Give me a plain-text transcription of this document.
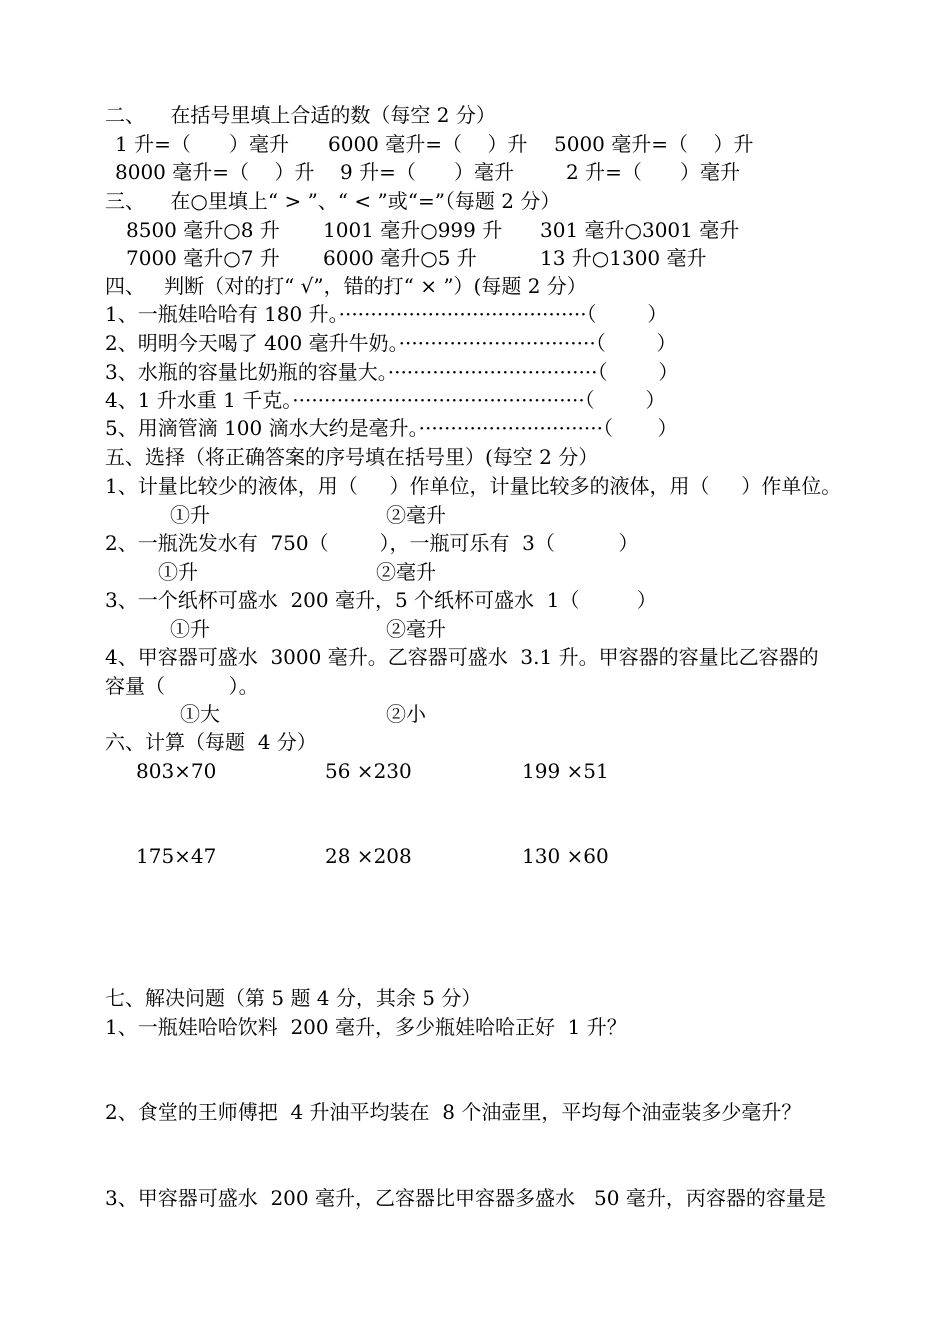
二、    在括号里填上合适的数（每空 2 分）
1 升=（      ）毫升 6000 毫升=（    ）升 5000 毫升=（    ）升
8000 毫升=（    ）升 9 升=（      ）毫升	2 升=（      ）毫升
三、    在○里填上“ > ”、“ < ”或“=”（每题 2 分）
8500 毫升○8 升 1001 毫升○999 升 301 毫升○3001 毫升
7000 毫升○7 升 6000 毫升○5 升	13 升○1300 毫升
四、   判断（对的打“ √”，错的打“ × ”）(每题 2 分）
1、一瓶娃哈哈有 180 升。·······································（        ）
2、明明今天喝了 400 毫升牛奶。·······························（        ）
3、水瓶的容量比奶瓶的容量大。·································（        ）
4、1 升水重 1 千克。··············································（        ）
5、用滴管滴 100 滴水大约是毫升。·····························（       ）
五、选择（将正确答案的序号填在括号里）(每空 2 分）
1、计量比较少的液体，用（     ）作单位，计量比较多的液体，用（     ）作单位。
①升	②毫升
2、一瓶洗发水有  750（        ），一瓶可乐有  3（          ）
①升	②毫升
3、一个纸杯可盛水  200 毫升，5 个纸杯可盛水  1（         ）
①升	②毫升
4、甲容器可盛水  3000 毫升。乙容器可盛水  3.1 升。甲容器的容量比乙容器的
容量（          ）。
①大	②小
六、计算（每题  4 分）
803×70	56 ×230	199 ×51
175×47	28 ×208	130 ×60
七、解决问题（第 5 题 4 分，其余 5 分）
1、一瓶娃哈哈饮料  200 毫升，多少瓶娃哈哈正好  1 升？
2、食堂的王师傅把  4 升油平均装在  8 个油壶里，平均每个油壶装多少毫升？
3、甲容器可盛水  200 毫升，乙容器比甲容器多盛水   50 毫升，丙容器的容量是
